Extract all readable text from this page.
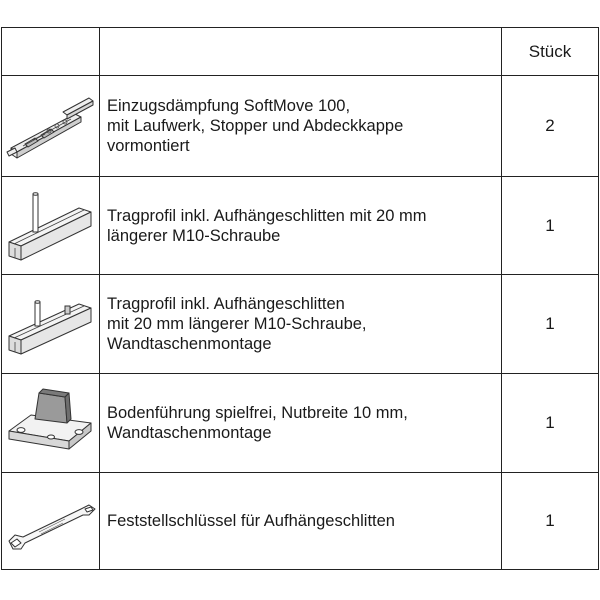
		Stück

Einzugsdämpfung SoftMove 100,
mit Laufwerk, Stopper und Abdeckkappe
vormontiert	2

Tragprofil inkl. Aufhängeschlitten mit 20 mm
längerer M10-Schraube	1

Tragprofil inkl. Aufhängeschlitten
mit 20 mm längerer M10-Schraube,
Wandtaschenmontage	1

Bodenführung spielfrei, Nutbreite 10 mm,
Wandtaschenmontage	1

Feststellschlüssel für Aufhängeschlitten	1
